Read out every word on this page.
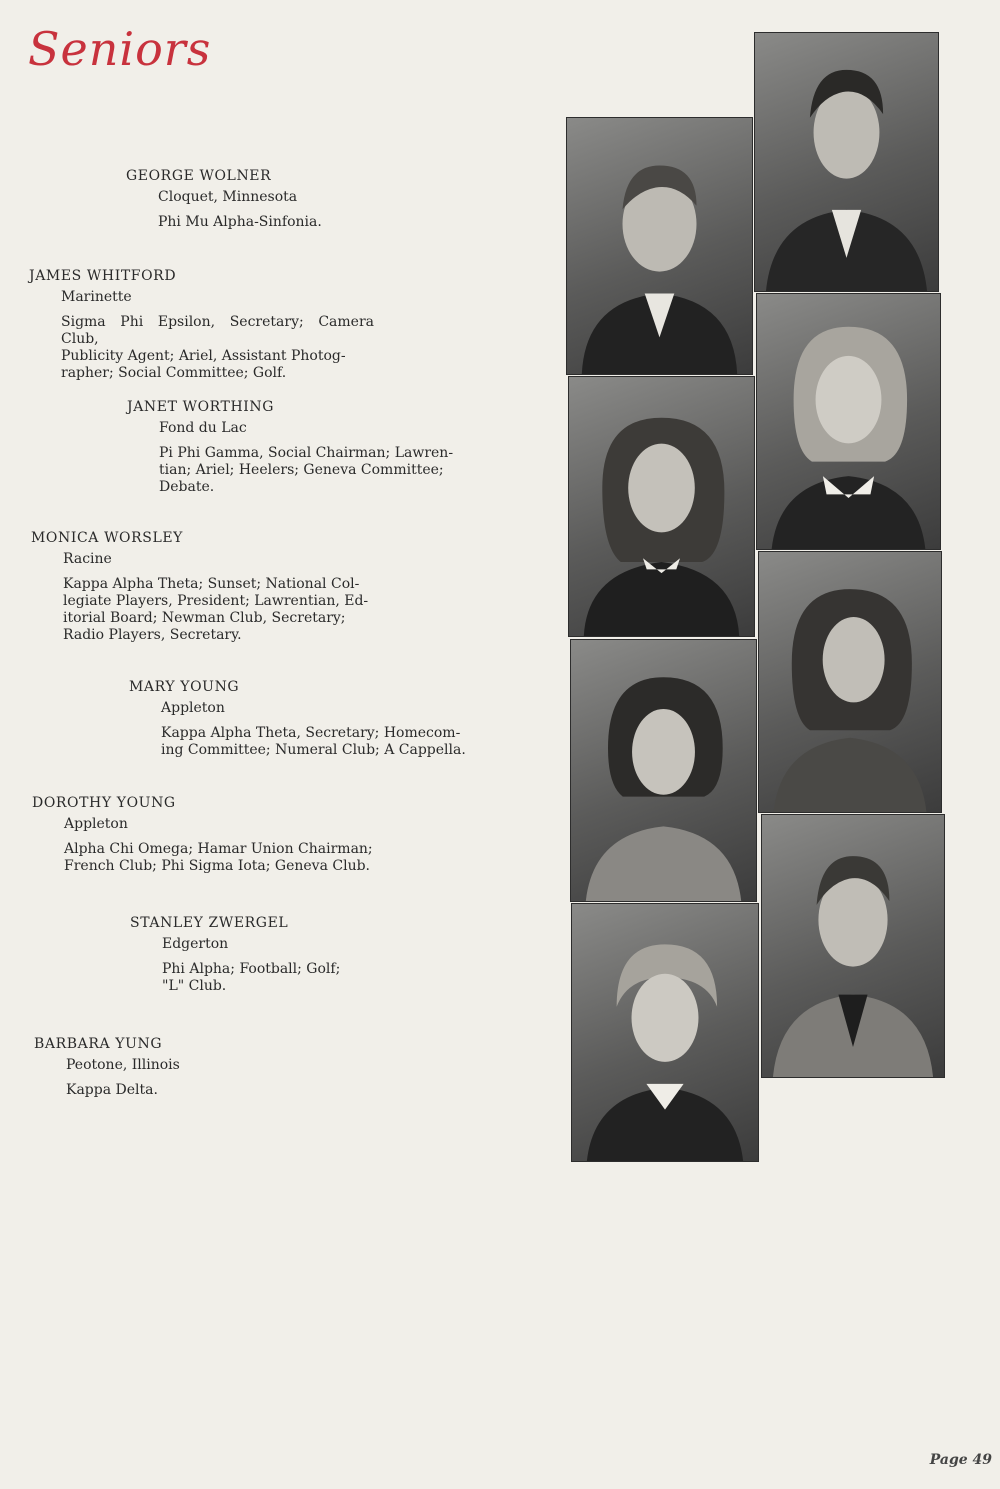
Seniors
GEORGE WOLNER
Cloquet, Minnesota
Phi Mu Alpha-Sinfonia.
JAMES WHITFORD
Marinette
Sigma Phi Epsilon, Secretary; Camera Club,
Publicity Agent; Ariel, Assistant Photog-
rapher; Social Committee; Golf.
JANET WORTHING
Fond du Lac
Pi Phi Gamma, Social Chairman; Lawren-
tian; Ariel; Heelers; Geneva Committee;
Debate.
MONICA WORSLEY
Racine
Kappa Alpha Theta; Sunset; National Col-
legiate Players, President; Lawrentian, Ed-
itorial Board; Newman Club, Secretary;
Radio Players, Secretary.
MARY YOUNG
Appleton
Kappa Alpha Theta, Secretary; Homecom-
ing Committee; Numeral Club; A Cappella.
DOROTHY YOUNG
Appleton
Alpha Chi Omega; Hamar Union Chairman;
French Club; Phi Sigma Iota; Geneva Club.
STANLEY ZWERGEL
Edgerton
Phi Alpha; Football; Golf;
"L" Club.
BARBARA YUNG
Peotone, Illinois
Kappa Delta.
Page 49
